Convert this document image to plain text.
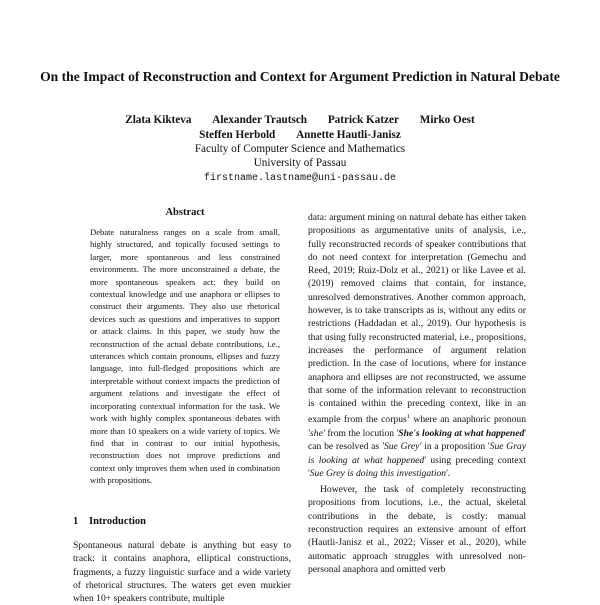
On the Impact of Reconstruction and Context for Argument Prediction in Natural Debate
Zlata Kikteva Alexander Trautsch Patrick Katzer Mirko Oest
Steffen Herbold Annette Hautli-Janisz
Faculty of Computer Science and Mathematics
University of Passau
firstname.lastname@uni-passau.de
Abstract
Debate naturalness ranges on a scale from small, highly structured, and topically focused settings to larger, more spontaneous and less constrained environments. The more unconstrained a debate, the more spontaneous speakers act: they build on contextual knowledge and use anaphora or ellipses to construct their arguments. They also use rhetorical devices such as questions and imperatives to support or attack claims. In this paper, we study how the reconstruction of the actual debate contributions, i.e., utterances which contain pronouns, ellipses and fuzzy language, into full-fledged propositions which are interpretable without context impacts the prediction of argument relations and investigate the effect of incorporating contextual information for the task. We work with highly complex spontaneous debates with more than 10 speakers on a wide variety of topics. We find that in contrast to our initial hypothesis, reconstruction does not improve predictions and context only improves them when used in combination with propositions.
1 Introduction
Spontaneous natural debate is anything but easy to track: it contains anaphora, elliptical constructions, fragments, a fuzzy linguistic surface and a wide variety of rhetorical structures. The waters get even murkier when 10+ speakers contribute, multiple

data: argument mining on natural debate has either taken propositions as argumentative units of analysis, i.e., fully reconstructed records of speaker contributions that do not need context for interpretation (Gemechu and Reed, 2019; Ruiz-Dolz et al., 2021) or like Lavee et al. (2019) removed claims that contain, for instance, unresolved demonstratives. Another common approach, however, is to take transcripts as is, without any edits or restrictions (Haddadan et al., 2019). Our hypothesis is that using fully reconstructed material, i.e., propositions, increases the performance of argument relation prediction. In the case of locutions, where for instance anaphora and ellipses are not reconstructed, we assume that some of the information relevant to reconstruction is contained within the preceding context, like in an example from the corpus$^1$ where an anaphoric pronoun 'she' from the locution 'She's looking at what happened' can be resolved as 'Sue Grey' in a proposition 'Sue Gray is looking at what happened' using preceding context 'Sue Grey is doing this investigation'.

However, the task of completely reconstructing propositions from locutions, i.e., the actual, skeletal contributions in the debate, is costly: manual reconstruction requires an extensive amount of effort (Hautli-Janisz et al., 2022; Visser et al., 2020), while automatic approach struggles with unresolved non-personal anaphora and omitted verb
